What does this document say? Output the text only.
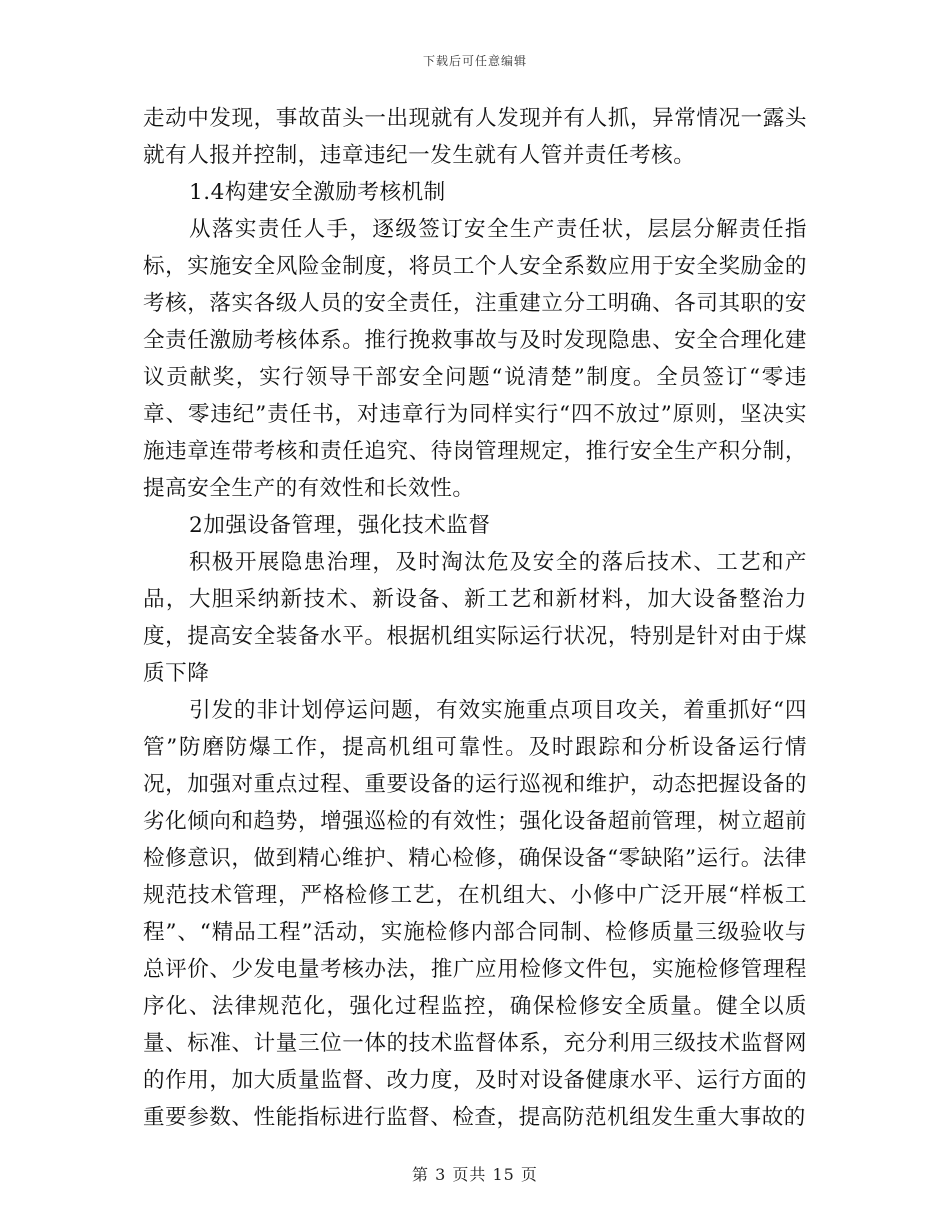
下载后可任意编辑

走动中发现，事故苗头一出现就有人发现并有人抓，异常情况一露头就有人报并控制，违章违纪一发生就有人管并责任考核。

1.4构建安全激励考核机制

从落实责任人手，逐级签订安全生产责任状，层层分解责任指标，实施安全风险金制度，将员工个人安全系数应用于安全奖励金的考核，落实各级人员的安全责任，注重建立分工明确、各司其职的安全责任激励考核体系。推行挽救事故与及时发现隐患、安全合理化建议贡献奖，实行领导干部安全问题“说清楚”制度。全员签订“零违章、零违纪”责任书，对违章行为同样实行“四不放过”原则，坚决实施违章连带考核和责任追究、待岗管理规定，推行安全生产积分制，提高安全生产的有效性和长效性。

2加强设备管理，强化技术监督

积极开展隐患治理，及时淘汰危及安全的落后技术、工艺和产品，大胆采纳新技术、新设备、新工艺和新材料，加大设备整治力度，提高安全装备水平。根据机组实际运行状况，特别是针对由于煤质下降

引发的非计划停运问题，有效实施重点项目攻关，着重抓好“四管”防磨防爆工作，提高机组可靠性。及时跟踪和分析设备运行情况，加强对重点过程、重要设备的运行巡视和维护，动态把握设备的劣化倾向和趋势，增强巡检的有效性；强化设备超前管理，树立超前检修意识，做到精心维护、精心检修，确保设备“零缺陷”运行。法律规范技术管理，严格检修工艺，在机组大、小修中广泛开展“样板工程”、“精品工程”活动，实施检修内部合同制、检修质量三级验收与总评价、少发电量考核办法，推广应用检修文件包，实施检修管理程序化、法律规范化，强化过程监控，确保检修安全质量。健全以质量、标准、计量三位一体的技术监督体系，充分利用三级技术监督网的作用，加大质量监督、改力度，及时对设备健康水平、运行方面的重要参数、性能指标进行监督、检查，提高防范机组发生重大事故的

第 3 页共 15 页
